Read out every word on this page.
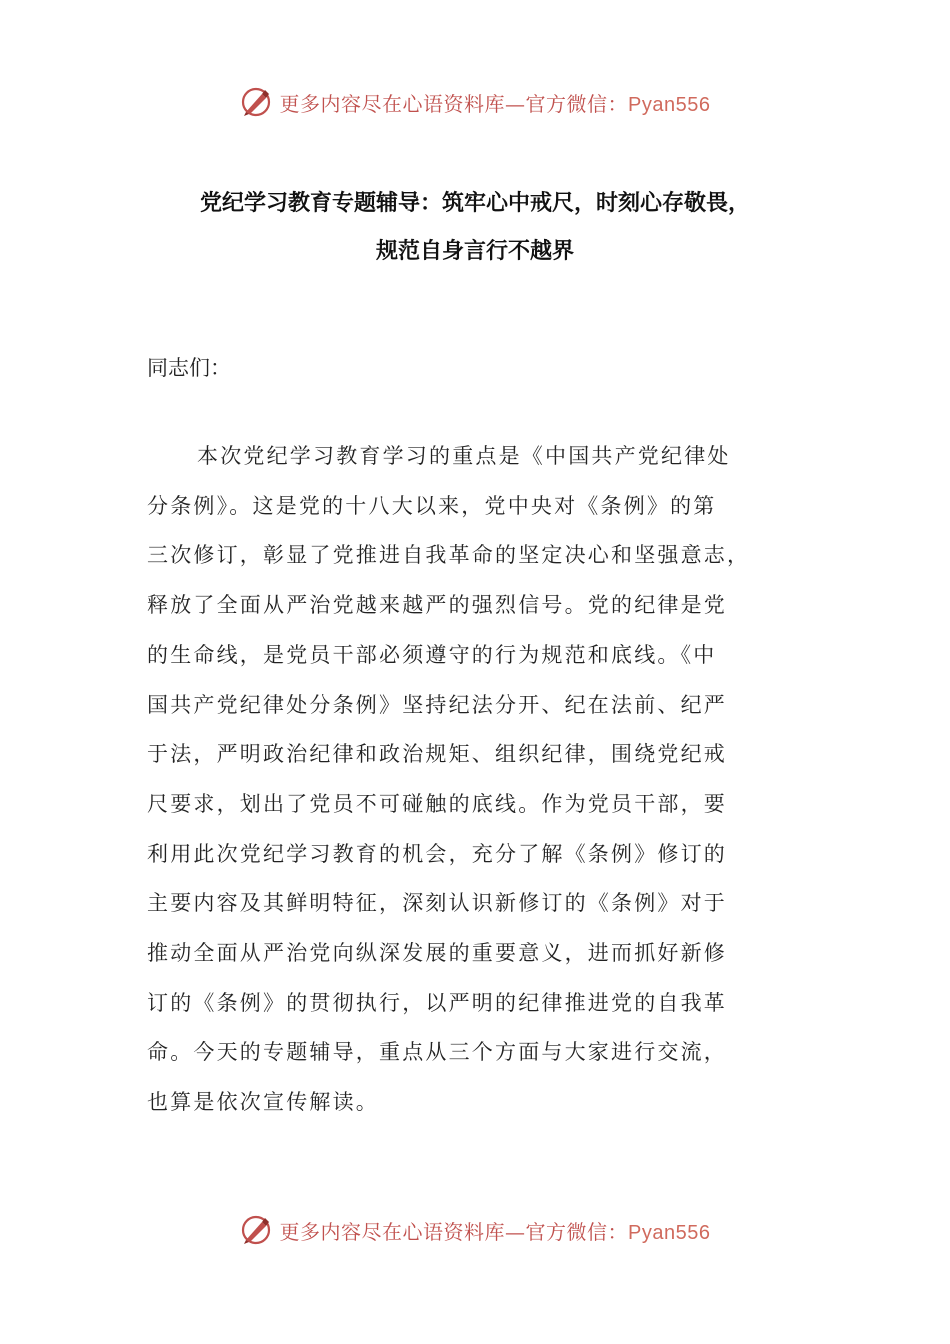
更多内容尽在心语资料库—官方微信：Pyan556
党纪学习教育专题辅导：筑牢心中戒尺，时刻心存敬畏，
规范自身言行不越界
同志们：
本次党纪学习教育学习的重点是《中国共产党纪律处
分条例》。这是党的十八大以来，党中央对《条例》的第
三次修订，彰显了党推进自我革命的坚定决心和坚强意志，
释放了全面从严治党越来越严的强烈信号。党的纪律是党
的生命线，是党员干部必须遵守的行为规范和底线。《中
国共产党纪律处分条例》坚持纪法分开、纪在法前、纪严
于法，严明政治纪律和政治规矩、组织纪律，围绕党纪戒
尺要求，划出了党员不可碰触的底线。作为党员干部，要
利用此次党纪学习教育的机会，充分了解《条例》修订的
主要内容及其鲜明特征，深刻认识新修订的《条例》对于
推动全面从严治党向纵深发展的重要意义，进而抓好新修
订的《条例》的贯彻执行，以严明的纪律推进党的自我革
命。今天的专题辅导，重点从三个方面与大家进行交流，
也算是依次宣传解读。
更多内容尽在心语资料库—官方微信：Pyan556
